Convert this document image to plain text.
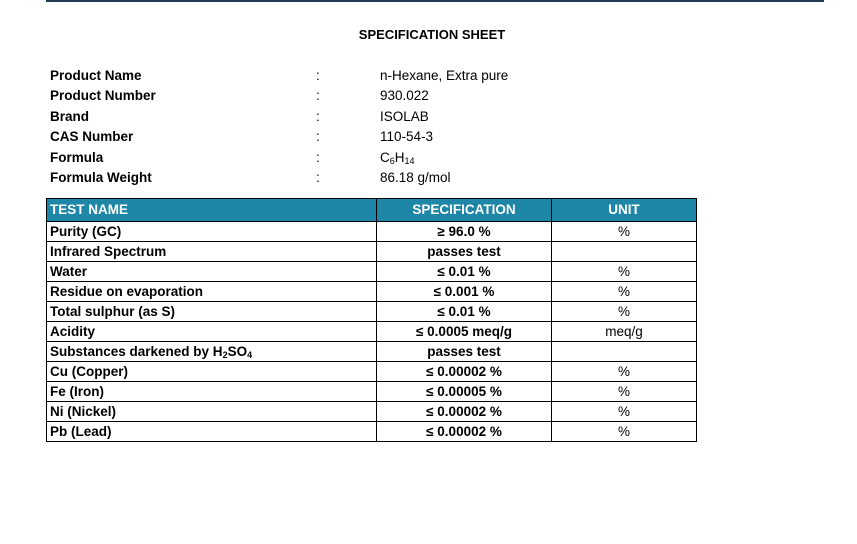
SPECIFICATION SHEET
Product Name	:	n-Hexane, Extra pure
Product Number	:	930.022
Brand	:	ISOLAB
CAS Number	:	110-54-3
Formula	:	$C_6H_{14}$
Formula Weight	:	86.18 g/mol
TEST NAME	SPECIFICATION	UNIT
Purity (GC)	≥ 96.0 %	%
Infrared Spectrum	passes test	
Water	≤ 0.01 %	%
Residue on evaporation	≤ 0.001 %	%
Total sulphur (as S)	≤ 0.01 %	%
Acidity	≤ 0.0005 meq/g	meq/g
Substances darkened by $H_2SO_4$	passes test	
Cu (Copper)	≤ 0.00002 %	%
Fe (Iron)	≤ 0.00005 %	%
Ni (Nickel)	≤ 0.00002 %	%
Pb (Lead)	≤ 0.00002 %	%
